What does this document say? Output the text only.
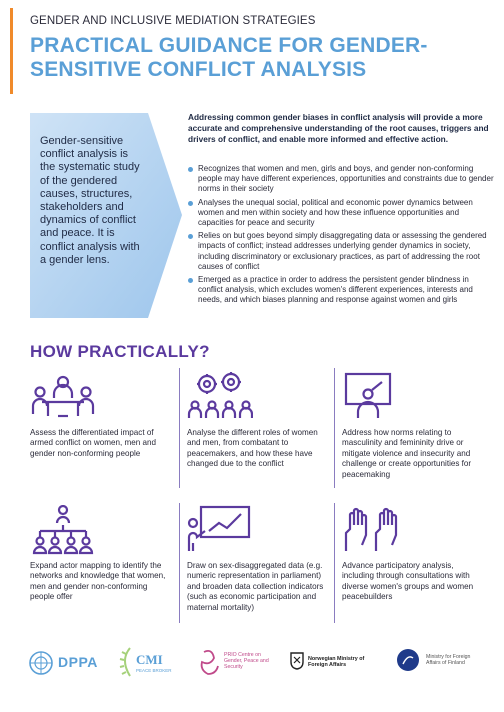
GENDER AND INCLUSIVE MEDIATION STRATEGIES
PRACTICAL GUIDANCE FOR GENDER-SENSITIVE CONFLICT ANALYSIS
Gender-sensitive conflict analysis is the systematic study of the gendered causes, structures, stakeholders and dynamics of conflict and peace. It is conflict analysis with a gender lens.
Addressing common gender biases in conflict analysis will provide a more accurate and comprehensive understanding of the root causes, triggers and drivers of conflict, and enable more informed and effective action.
Recognizes that women and men, girls and boys, and gender non-conforming people may have different experiences, opportunities and constraints due to gender norms in their society
Analyses the unequal social, political and economic power dynamics between women and men within society and how these influence opportunities and capacities for peace and security
Relies on but goes beyond simply disaggregating data or assessing the gendered impacts of conflict; instead addresses underlying gender dynamics in society, including discriminatory or exclusionary practices, as part of addressing the root causes of conflict
Emerged as a practice in order to address the persistent gender blindness in conflict analysis, which excludes women's different experiences, interests and needs, and which biases planning and response against women and girls
HOW PRACTICALLY?
Assess the differentiated impact of armed conflict on women, men and gender non-conforming people
Analyse the different roles of women and men, from combatant to peacemakers, and how these have changed due to the conflict
Address how norms relating to masculinity and femininity drive or mitigate violence and insecurity and challenge or create opportunities for peacemaking
Expand actor mapping to identify the networks and knowledge that women, men and gender non-conforming people offer
Draw on sex-disaggregated data (e.g. numeric representation in parliament) and broaden data collection indicators (such as economic participation and maternal mortality)
Advance participatory analysis, including through consultations with diverse women's groups and women peacebuilders
DPPA	CMI
PEACE BROKER
PRIO Centre on Gender, Peace and Security
Norwegian Ministry of Foreign Affairs
Ministry for Foreign Affairs of Finland
